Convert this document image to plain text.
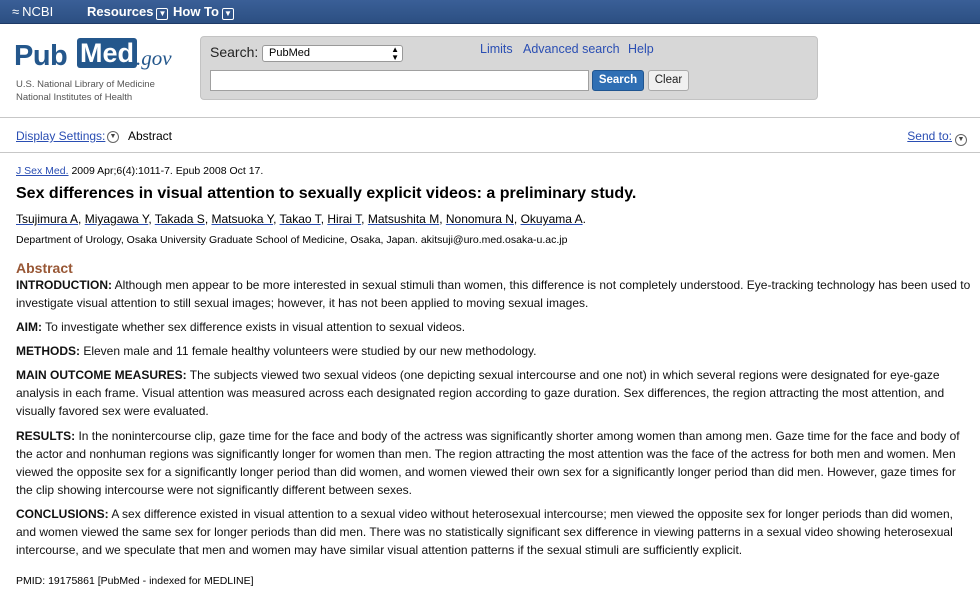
≈ NCBI	Resources ▼ How To ▼
Pub Med .gov
U.S. National Library of Medicine
National Institutes of Health
Search: PubMed	▲
▼
Limits Advanced search Help
Search	Clear
Display Settings: ▼ Abstract	Send to: ▼
J Sex Med. 2009 Apr;6(4):1011-7. Epub 2008 Oct 17.
Sex differences in visual attention to sexually explicit videos: a preliminary study.
Tsujimura A, Miyagawa Y, Takada S, Matsuoka Y, Takao T, Hirai T, Matsushita M, Nonomura N, Okuyama A.
Department of Urology, Osaka University Graduate School of Medicine, Osaka, Japan. akitsuji@uro.med.osaka-u.ac.jp
Abstract
INTRODUCTION: Although men appear to be more interested in sexual stimuli than women, this difference is not completely understood. Eye-tracking technology has been used to investigate visual attention to still sexual images; however, it has not been applied to moving sexual images.
AIM: To investigate whether sex difference exists in visual attention to sexual videos.
METHODS: Eleven male and 11 female healthy volunteers were studied by our new methodology.
MAIN OUTCOME MEASURES: The subjects viewed two sexual videos (one depicting sexual intercourse and one not) in which several regions were designated for eye-gaze analysis in each frame. Visual attention was measured across each designated region according to gaze duration. Sex differences, the region attracting the most attention, and visually favored sex were evaluated.
RESULTS: In the nonintercourse clip, gaze time for the face and body of the actress was significantly shorter among women than among men. Gaze time for the face and body of the actor and nonhuman regions was significantly longer for women than men. The region attracting the most attention was the face of the actress for both men and women. Men viewed the opposite sex for a significantly longer period than did women, and women viewed their own sex for a significantly longer period than did men. However, gaze times for the clip showing intercourse were not significantly different between sexes.
CONCLUSIONS: A sex difference existed in visual attention to a sexual video without heterosexual intercourse; men viewed the opposite sex for longer periods than did women, and women viewed the same sex for longer periods than did men. There was no statistically significant sex difference in viewing patterns in a sexual video showing heterosexual intercourse, and we speculate that men and women may have similar visual attention patterns if the sexual stimuli are sufficiently explicit.
PMID: 19175861 [PubMed - indexed for MEDLINE]
